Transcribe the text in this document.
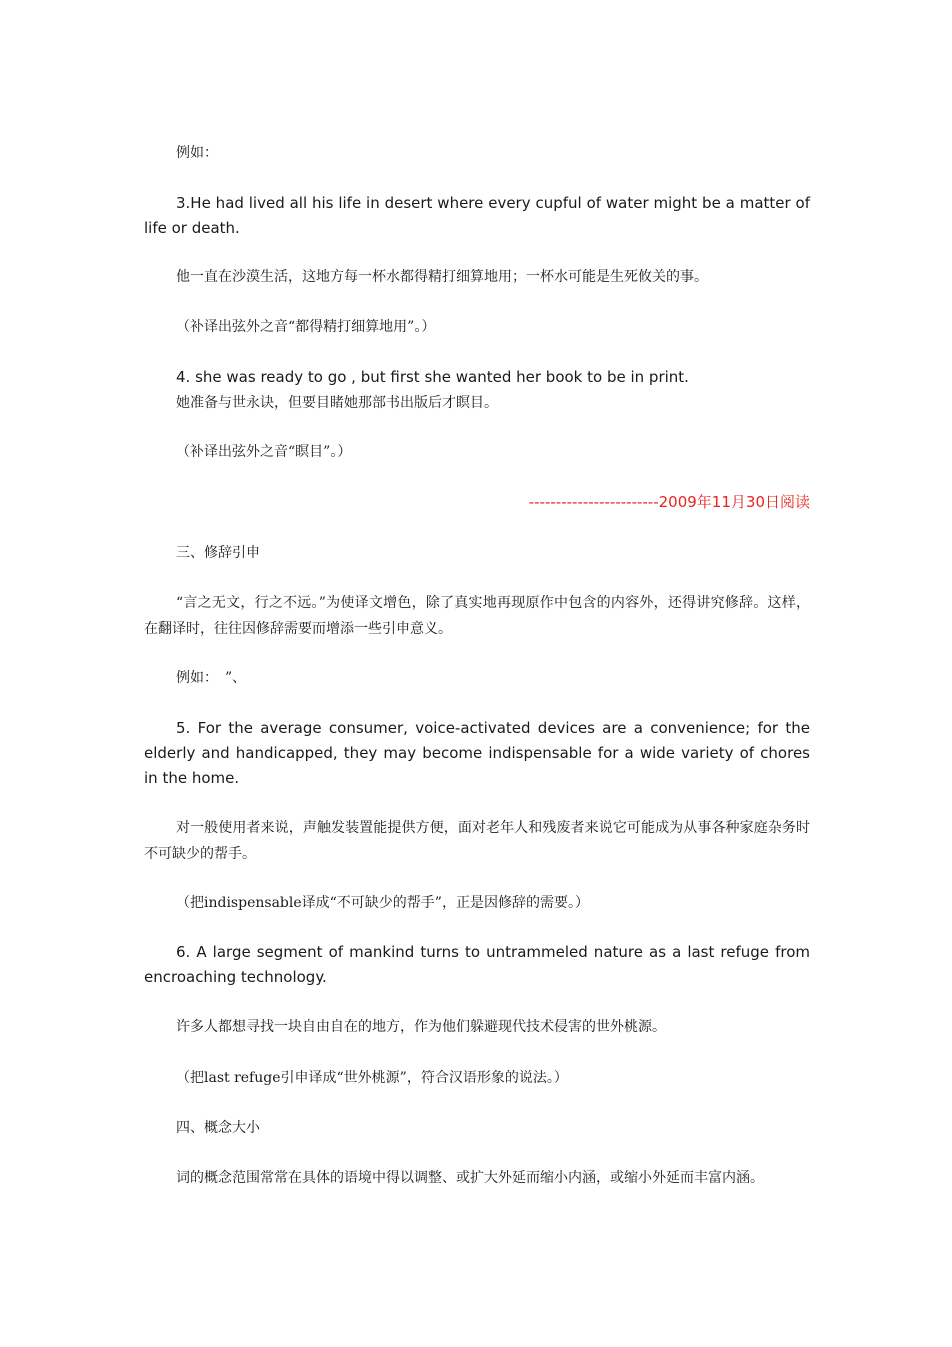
例如：

3.He had lived all his life in desert where every cupful of water might be a matter of life or death.

他一直在沙漠生活，这地方每一杯水都得精打细算地用；一杯水可能是生死攸关的事。

（补译出弦外之音“都得精打细算地用”。）

4. she was ready to go , but first she wanted her book to be in print.

她准备与世永诀，但要目睹她那部书出版后才瞑目。

（补译出弦外之音“瞑目”。）

------------------------2009年11月30日阅读

三、修辞引申

“言之无文，行之不远。”为使译文增色，除了真实地再现原作中包含的内容外，还得讲究修辞。这样，在翻译时，往往因修辞需要而增添一些引申意义。

例如：　”、

5. For the average consumer, voice-activated devices are a convenience; for the elderly and handicapped, they may become indispensable for a wide variety of chores in the home.

对一般使用者来说，声触发装置能提供方便，面对老年人和残废者来说它可能成为从事各种家庭杂务时不可缺少的帮手。

（把indispensable译成“不可缺少的帮手”，正是因修辞的需要。）

6. A large segment of mankind turns to untrammeled nature as a last refuge from encroaching technology.

许多人都想寻找一块自由自在的地方，作为他们躲避现代技术侵害的世外桃源。

（把last refuge引申译成“世外桃源”，符合汉语形象的说法。）

四、概念大小

词的概念范围常常在具体的语境中得以调整、或扩大外延而缩小内涵，或缩小外延而丰富内涵。
